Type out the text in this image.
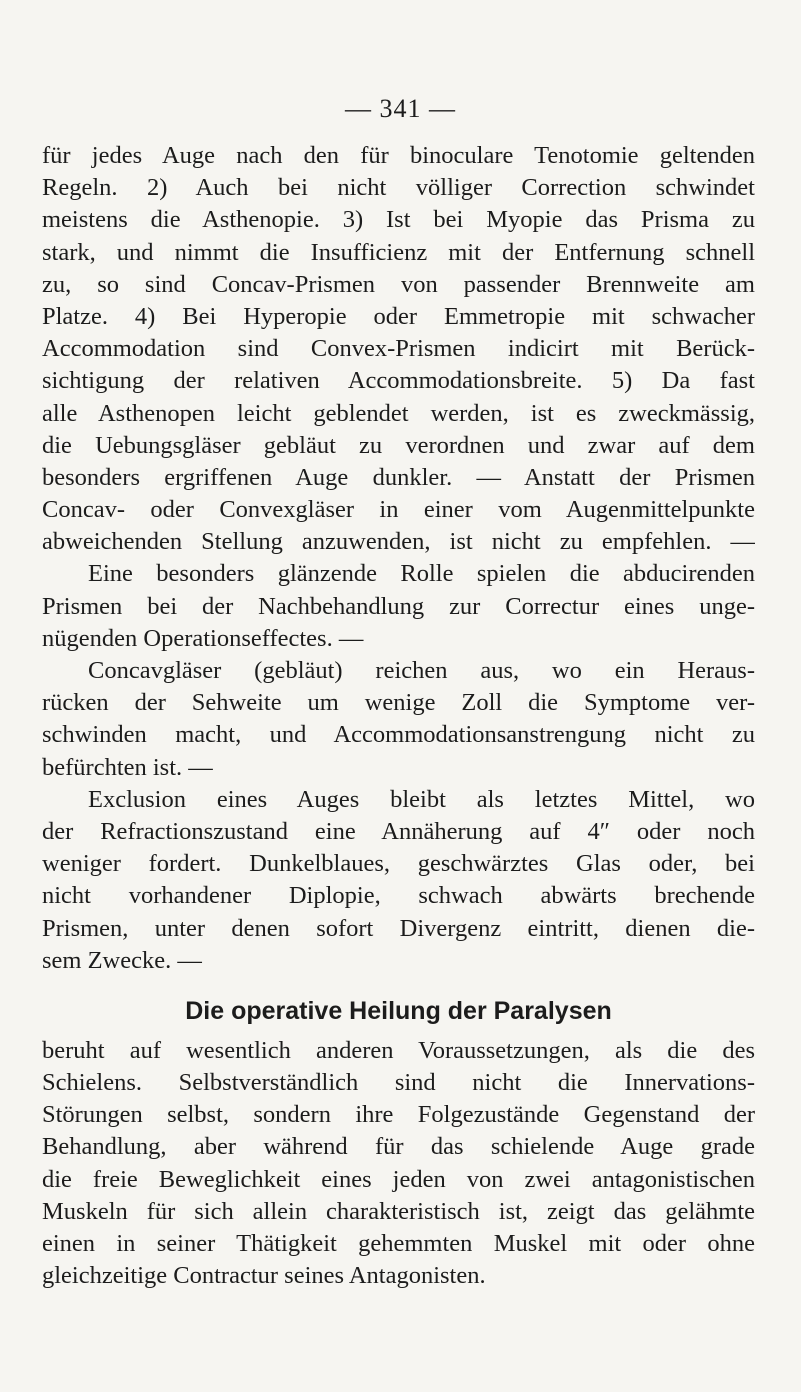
— 341 —
für jedes Auge nach den für binoculare Tenotomie geltenden
Regeln. 2) Auch bei nicht völliger Correction schwindet
meistens die Asthenopie. 3) Ist bei Myopie das Prisma zu
stark, und nimmt die Insufficienz mit der Entfernung schnell
zu, so sind Concav-Prismen von passender Brennweite am
Platze. 4) Bei Hyperopie oder Emmetropie mit schwacher
Accommodation sind Convex-Prismen indicirt mit Berück-
sichtigung der relativen Accommodationsbreite. 5) Da fast
alle Asthenopen leicht geblendet werden, ist es zweckmässig,
die Uebungsgläser gebläut zu verordnen und zwar auf dem
besonders ergriffenen Auge dunkler. — Anstatt der Prismen
Concav- oder Convexgläser in einer vom Augenmittelpunkte
abweichenden Stellung anzuwenden, ist nicht zu empfehlen. —
Eine besonders glänzende Rolle spielen die abducirenden
Prismen bei der Nachbehandlung zur Correctur eines unge-
nügenden Operationseffectes. —
Concavgläser (gebläut) reichen aus, wo ein Heraus-
rücken der Sehweite um wenige Zoll die Symptome ver-
schwinden macht, und Accommodationsanstrengung nicht zu
befürchten ist. —
Exclusion eines Auges bleibt als letztes Mittel, wo
der Refractionszustand eine Annäherung auf 4″ oder noch
weniger fordert. Dunkelblaues, geschwärztes Glas oder, bei
nicht vorhandener Diplopie, schwach abwärts brechende
Prismen, unter denen sofort Divergenz eintritt, dienen die-
sem Zwecke. —
Die operative Heilung der Paralysen
beruht auf wesentlich anderen Voraussetzungen, als die des
Schielens. Selbstverständlich sind nicht die Innervations-
Störungen selbst, sondern ihre Folgezustände Gegenstand der
Behandlung, aber während für das schielende Auge grade
die freie Beweglichkeit eines jeden von zwei antagonistischen
Muskeln für sich allein charakteristisch ist, zeigt das gelähmte
einen in seiner Thätigkeit gehemmten Muskel mit oder ohne
gleichzeitige Contractur seines Antagonisten.
